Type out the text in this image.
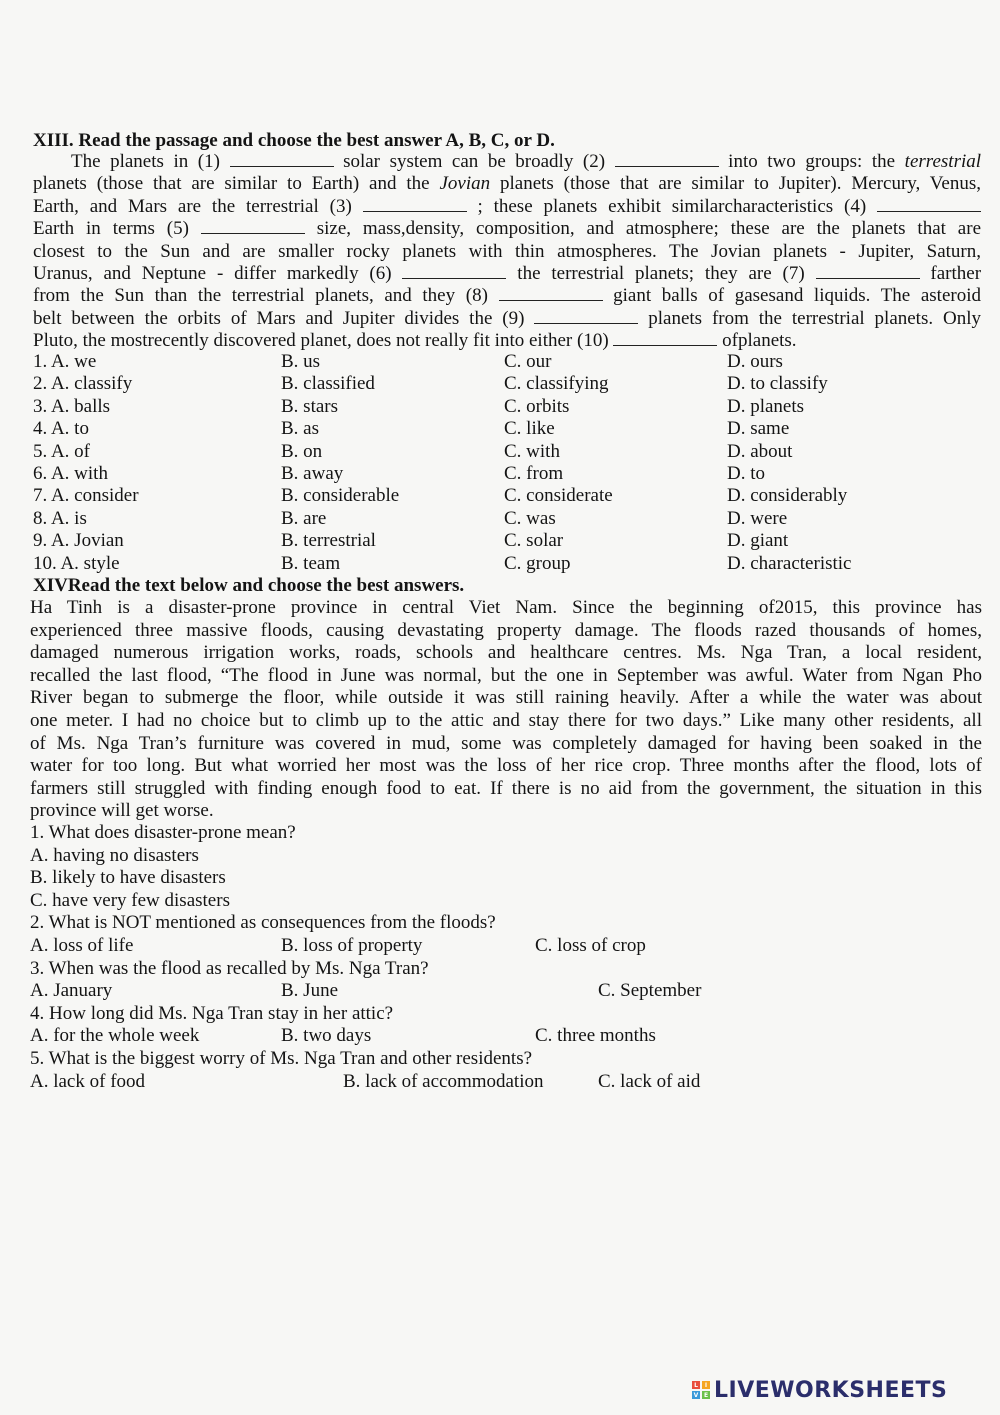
XIII. Read the passage and choose the best answer A, B, C, or D.
The planets in (1)	solar system can be broadly (2)	into two groups: the terrestrial
planets (those that are similar to Earth) and the Jovian planets (those that are similar to Jupiter). Mercury, Venus,
Earth, and Mars are the terrestrial (3)	; these planets exhibit similarcharacteristics (4)
Earth in terms (5)	size, mass,density, composition, and atmosphere; these are the planets that are
closest to the Sun and are smaller rocky planets with thin atmospheres. The Jovian planets - Jupiter, Saturn,
Uranus, and Neptune - differ markedly (6)	the terrestrial planets; they are (7)	farther
from the Sun than the terrestrial planets, and they (8)	giant balls of gasesand liquids. The asteroid
belt between the orbits of Mars and Jupiter divides the (9)	planets from the terrestrial planets. Only
Pluto, the mostrecently discovered planet, does not really fit into either (10)	ofplanets.
1. A. we	B. us	C. our	D. ours
2. A. classify	B. classified	C. classifying	D. to classify
3. A. balls	B. stars	C. orbits	D. planets
4. A. to	B. as	C. like	D. same
5. A. of	B. on	C. with	D. about
6. A. with	B. away	C. from	D. to
7. A. consider	B. considerable	C. considerate	D. considerably
8. A. is	B. are	C. was	D. were
9. A. Jovian	B. terrestrial	C. solar	D. giant
10. A. style	B. team	C. group	D. characteristic
XIVRead the text below and choose the best answers.
Ha Tinh is a disaster-prone province in central Viet Nam. Since the beginning of2015, this province has
experienced three massive floods, causing devastating property damage. The floods razed thousands of homes,
damaged numerous irrigation works, roads, schools and healthcare centres. Ms. Nga Tran, a local resident,
recalled the last flood, “The flood in June was normal, but the one in September was awful. Water from Ngan Pho
River began to submerge the floor, while outside it was still raining heavily. After a while the water was about
one meter. I had no choice but to climb up to the attic and stay there for two days.” Like many other residents, all
of Ms. Nga Tran’s furniture was covered in mud, some was completely damaged for having been soaked in the
water for too long. But what worried her most was the loss of her rice crop. Three months after the flood, lots of
farmers still struggled with finding enough food to eat. If there is no aid from the government, the situation in this
province will get worse.
1. What does disaster-prone mean?
A. having no disasters
B. likely to have disasters
C. have very few disasters
2. What is NOT mentioned as consequences from the floods?
A. loss of life	B. loss of property	C. loss of crop
3. When was the flood as recalled by Ms. Nga Tran?
A. January	B. June	C. September
4. How long did Ms. Nga Tran stay in her attic?
A. for the whole week	B. two days	C. three months
5. What is the biggest worry of Ms. Nga Tran and other residents?
A. lack of food	B. lack of accommodation	C. lack of aid
L	I
V E LIVEWORKSHEETS
